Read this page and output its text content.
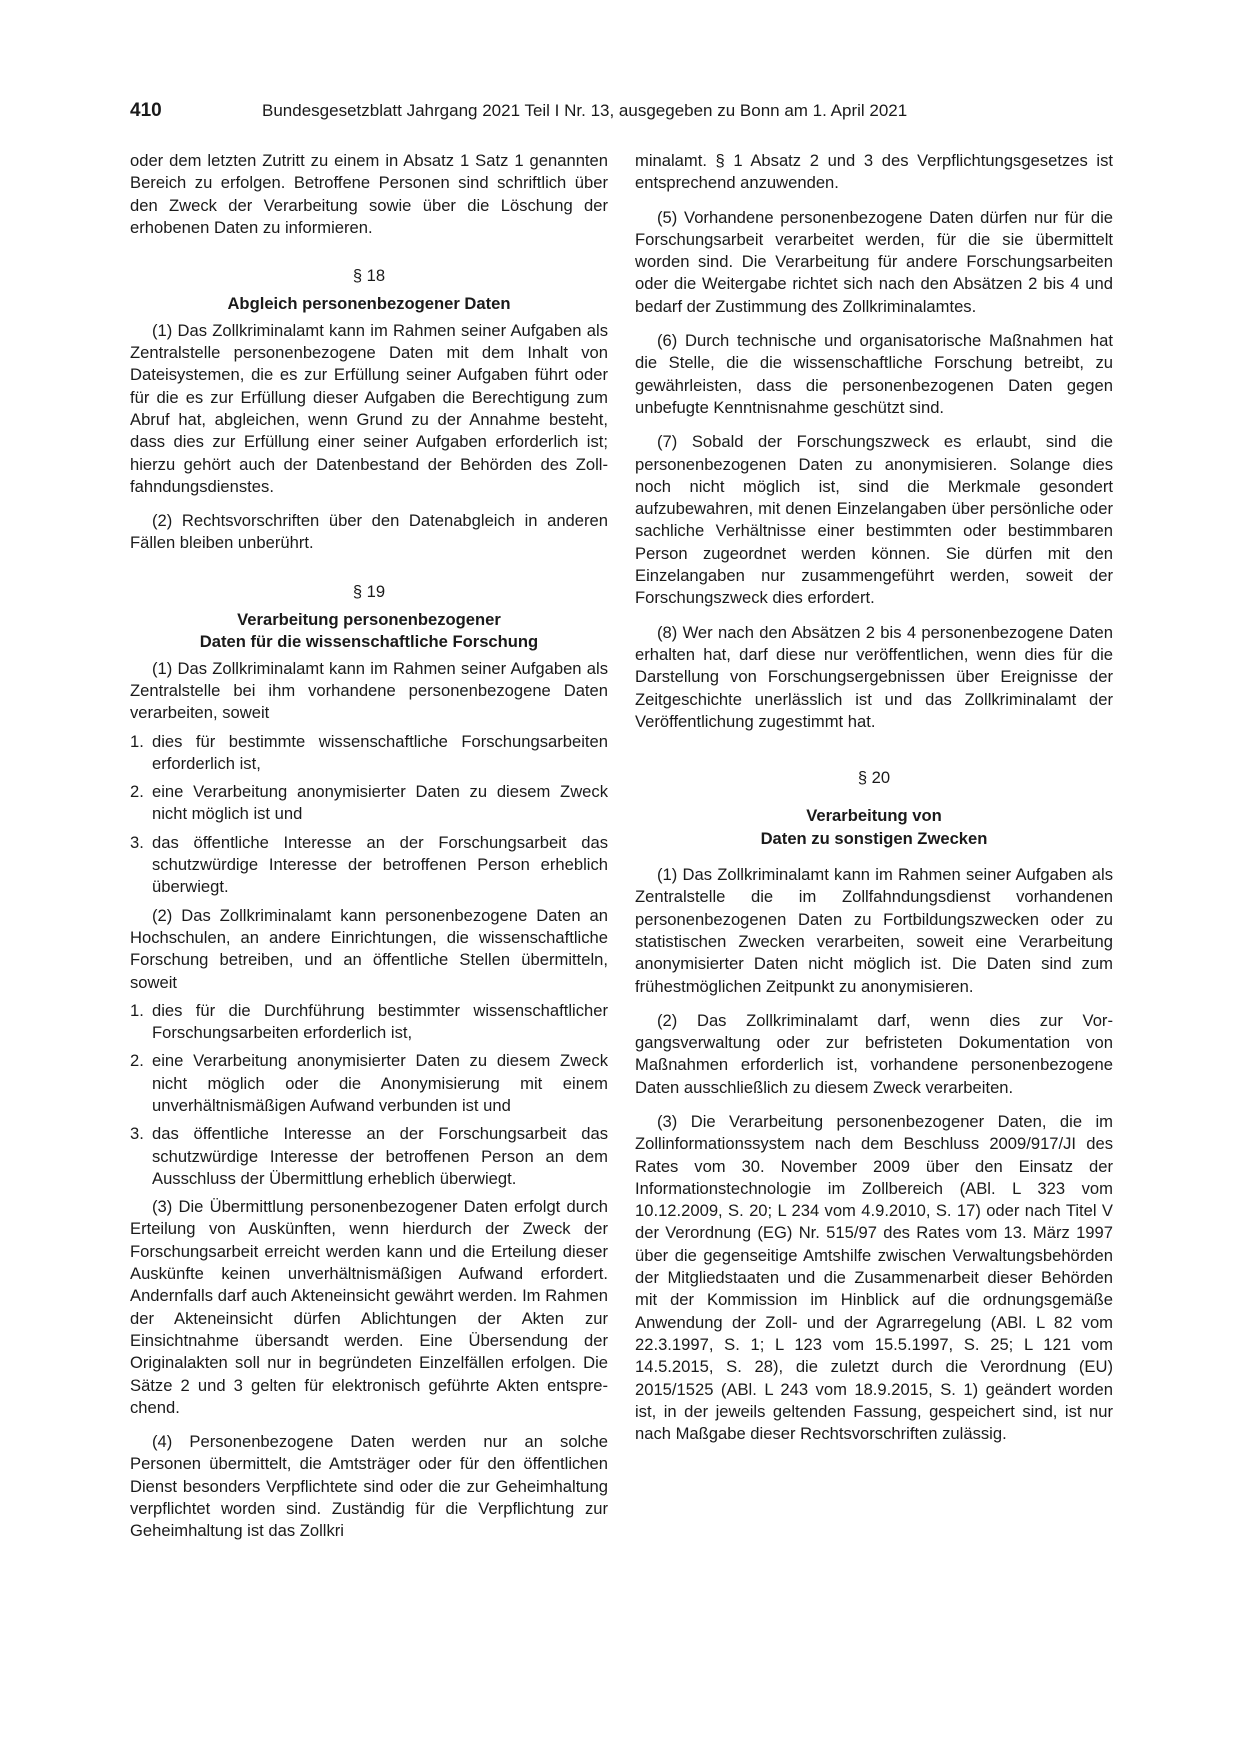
410	Bundesgesetzblatt Jahrgang 2021 Teil I Nr. 13, ausgegeben zu Bonn am 1. April 2021

oder dem letzten Zutritt zu einem in Absatz 1 Satz 1 genannten Bereich zu erfolgen. Betroffene Personen sind schriftlich über den Zweck der Verarbeitung sowie über die Löschung der erhobenen Daten zu informieren.

§ 18
Abgleich personenbezogener Daten

(1) Das Zollkriminalamt kann im Rahmen seiner Aufgaben als Zentralstelle personenbezogene Daten mit dem Inhalt von Dateisystemen, die es zur Erfüllung seiner Aufgaben führt oder für die es zur Erfüllung dieser Aufgaben die Berechtigung zum Abruf hat, abgleichen, wenn Grund zu der Annahme besteht, dass dies zur Erfüllung einer seiner Aufgaben erforderlich ist; hierzu gehört auch der Datenbestand der Behörden des Zollfahndungsdienstes.

(2) Rechtsvorschriften über den Datenabgleich in anderen Fällen bleiben unberührt.

§ 19
Verarbeitung personenbezogener
Daten für die wissenschaftliche Forschung

(1) Das Zollkriminalamt kann im Rahmen seiner Aufgaben als Zentralstelle bei ihm vorhandene personenbezogene Daten verarbeiten, soweit

1. dies für bestimmte wissenschaftliche Forschungsarbeiten erforderlich ist,
2. eine Verarbeitung anonymisierter Daten zu diesem Zweck nicht möglich ist und
3. das öffentliche Interesse an der Forschungsarbeit das schutzwürdige Interesse der betroffenen Person erheblich überwiegt.

(2) Das Zollkriminalamt kann personenbezogene Daten an Hochschulen, an andere Einrichtungen, die wissenschaftliche Forschung betreiben, und an öffentliche Stellen übermitteln, soweit

1. dies für die Durchführung bestimmter wissenschaftlicher Forschungsarbeiten erforderlich ist,
2. eine Verarbeitung anonymisierter Daten zu diesem Zweck nicht möglich oder die Anonymisierung mit einem unverhältnismäßigen Aufwand verbunden ist und
3. das öffentliche Interesse an der Forschungsarbeit das schutzwürdige Interesse der betroffenen Person an dem Ausschluss der Übermittlung erheblich überwiegt.

(3) Die Übermittlung personenbezogener Daten erfolgt durch Erteilung von Auskünften, wenn hierdurch der Zweck der Forschungsarbeit erreicht werden kann und die Erteilung dieser Auskünfte keinen unverhältnismäßigen Aufwand erfordert. Andernfalls darf auch Akteneinsicht gewährt werden. Im Rahmen der Akteneinsicht dürfen Ablichtungen der Akten zur Einsichtnahme übersandt werden. Eine Übersendung der Originalakten soll nur in begründeten Einzelfällen erfolgen. Die Sätze 2 und 3 gelten für elektronisch geführte Akten entsprechend.

(4) Personenbezogene Daten werden nur an solche Personen übermittelt, die Amtsträger oder für den öffentlichen Dienst besonders Verpflichtete sind oder die zur Geheimhaltung verpflichtet worden sind. Zuständig für die Verpflichtung zur Geheimhaltung ist das Zollkri

minalamt. § 1 Absatz 2 und 3 des Verpflichtungsgesetzes ist entsprechend anzuwenden.

(5) Vorhandene personenbezogene Daten dürfen nur für die Forschungsarbeit verarbeitet werden, für die sie übermittelt worden sind. Die Verarbeitung für andere Forschungsarbeiten oder die Weitergabe richtet sich nach den Absätzen 2 bis 4 und bedarf der Zustimmung des Zollkriminalamtes.

(6) Durch technische und organisatorische Maßnahmen hat die Stelle, die die wissenschaftliche Forschung betreibt, zu gewährleisten, dass die personenbezogenen Daten gegen unbefugte Kenntnisnahme geschützt sind.

(7) Sobald der Forschungszweck es erlaubt, sind die personenbezogenen Daten zu anonymisieren. Solange dies noch nicht möglich ist, sind die Merkmale gesondert aufzubewahren, mit denen Einzelangaben über persönliche oder sachliche Verhältnisse einer bestimmten oder bestimmbaren Person zugeordnet werden können. Sie dürfen mit den Einzelangaben nur zusammengeführt werden, soweit der Forschungszweck dies erfordert.

(8) Wer nach den Absätzen 2 bis 4 personenbezogene Daten erhalten hat, darf diese nur veröffentlichen, wenn dies für die Darstellung von Forschungsergebnissen über Ereignisse der Zeitgeschichte unerlässlich ist und das Zollkriminalamt der Veröffentlichung zugestimmt hat.

§ 20
Verarbeitung von
Daten zu sonstigen Zwecken

(1) Das Zollkriminalamt kann im Rahmen seiner Aufgaben als Zentralstelle die im Zollfahndungsdienst vorhandenen personenbezogenen Daten zu Fortbildungszwecken oder zu statistischen Zwecken verarbeiten, soweit eine Verarbeitung anonymisierter Daten nicht möglich ist. Die Daten sind zum frühestmöglichen Zeitpunkt zu anonymisieren.

(2) Das Zollkriminalamt darf, wenn dies zur Vorgangsverwaltung oder zur befristeten Dokumentation von Maßnahmen erforderlich ist, vorhandene personenbezogene Daten ausschließlich zu diesem Zweck verarbeiten.

(3) Die Verarbeitung personenbezogener Daten, die im Zollinformationssystem nach dem Beschluss 2009/917/JI des Rates vom 30. November 2009 über den Einsatz der Informationstechnologie im Zollbereich (ABl. L 323 vom 10.12.2009, S. 20; L 234 vom 4.9.2010, S. 17) oder nach Titel V der Verordnung (EG) Nr. 515/97 des Rates vom 13. März 1997 über die gegenseitige Amtshilfe zwischen Verwaltungsbehörden der Mitgliedstaaten und die Zusammenarbeit dieser Behörden mit der Kommission im Hinblick auf die ordnungsgemäße Anwendung der Zoll- und der Agrarregelung (ABl. L 82 vom 22.3.1997, S. 1; L 123 vom 15.5.1997, S. 25; L 121 vom 14.5.2015, S. 28), die zuletzt durch die Verordnung (EU) 2015/1525 (ABl. L 243 vom 18.9.2015, S. 1) geändert worden ist, in der jeweils geltenden Fassung, gespeichert sind, ist nur nach Maßgabe dieser Rechtsvorschriften zulässig.
